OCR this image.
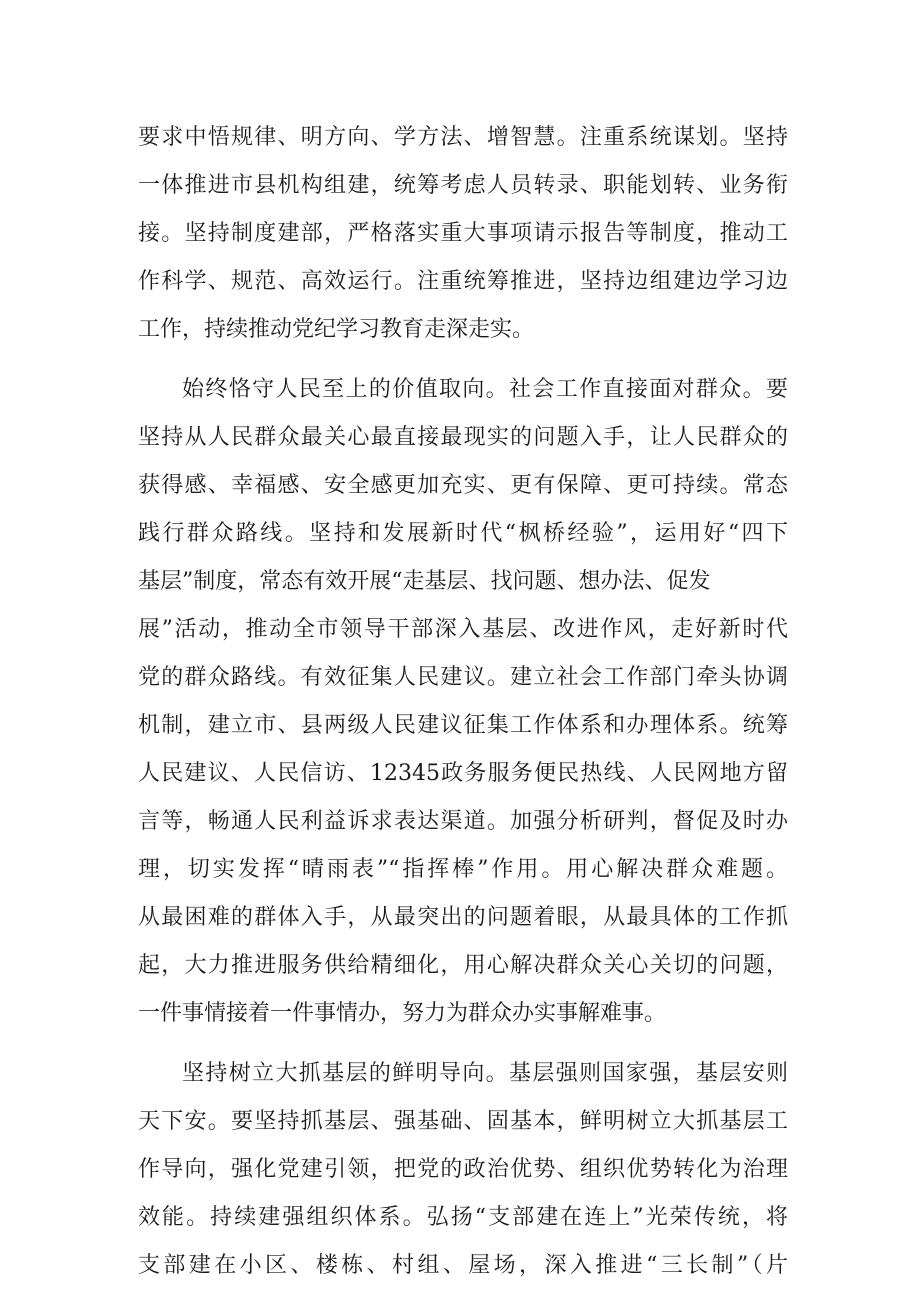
要求中悟规律、明方向、学方法、增智慧。注重系统谋划。坚持
一体推进市县机构组建，统筹考虑人员转录、职能划转、业务衔
接。坚持制度建部，严格落实重大事项请示报告等制度，推动工
作科学、规范、高效运行。注重统筹推进，坚持边组建边学习边
工作，持续推动党纪学习教育走深走实。
始终恪守人民至上的价值取向。社会工作直接面对群众。要
坚持从人民群众最关心最直接最现实的问题入手，让人民群众的
获得感、幸福感、安全感更加充实、更有保障、更可持续。常态
践行群众路线。坚持和发展新时代“枫桥经验”，运用好“四下
基层”制度，常态有效开展“走基层、找问题、想办法、促发
展”活动，推动全市领导干部深入基层、改进作风，走好新时代
党的群众路线。有效征集人民建议。建立社会工作部门牵头协调
机制，建立市、县两级人民建议征集工作体系和办理体系。统筹
人民建议、人民信访、12345政务服务便民热线、人民网地方留
言等，畅通人民利益诉求表达渠道。加强分析研判，督促及时办
理，切实发挥“晴雨表”“指挥棒”作用。用心解决群众难题。
从最困难的群体入手，从最突出的问题着眼，从最具体的工作抓
起，大力推进服务供给精细化，用心解决群众关心关切的问题，
一件事情接着一件事情办，努力为群众办实事解难事。
坚持树立大抓基层的鲜明导向。基层强则国家强，基层安则
天下安。要坚持抓基层、强基础、固基本，鲜明树立大抓基层工
作导向，强化党建引领，把党的政治优势、组织优势转化为治理
效能。持续建强组织体系。弘扬“支部建在连上”光荣传统，将
支部建在小区、楼栋、村组、屋场，深入推进“三长制”（片
